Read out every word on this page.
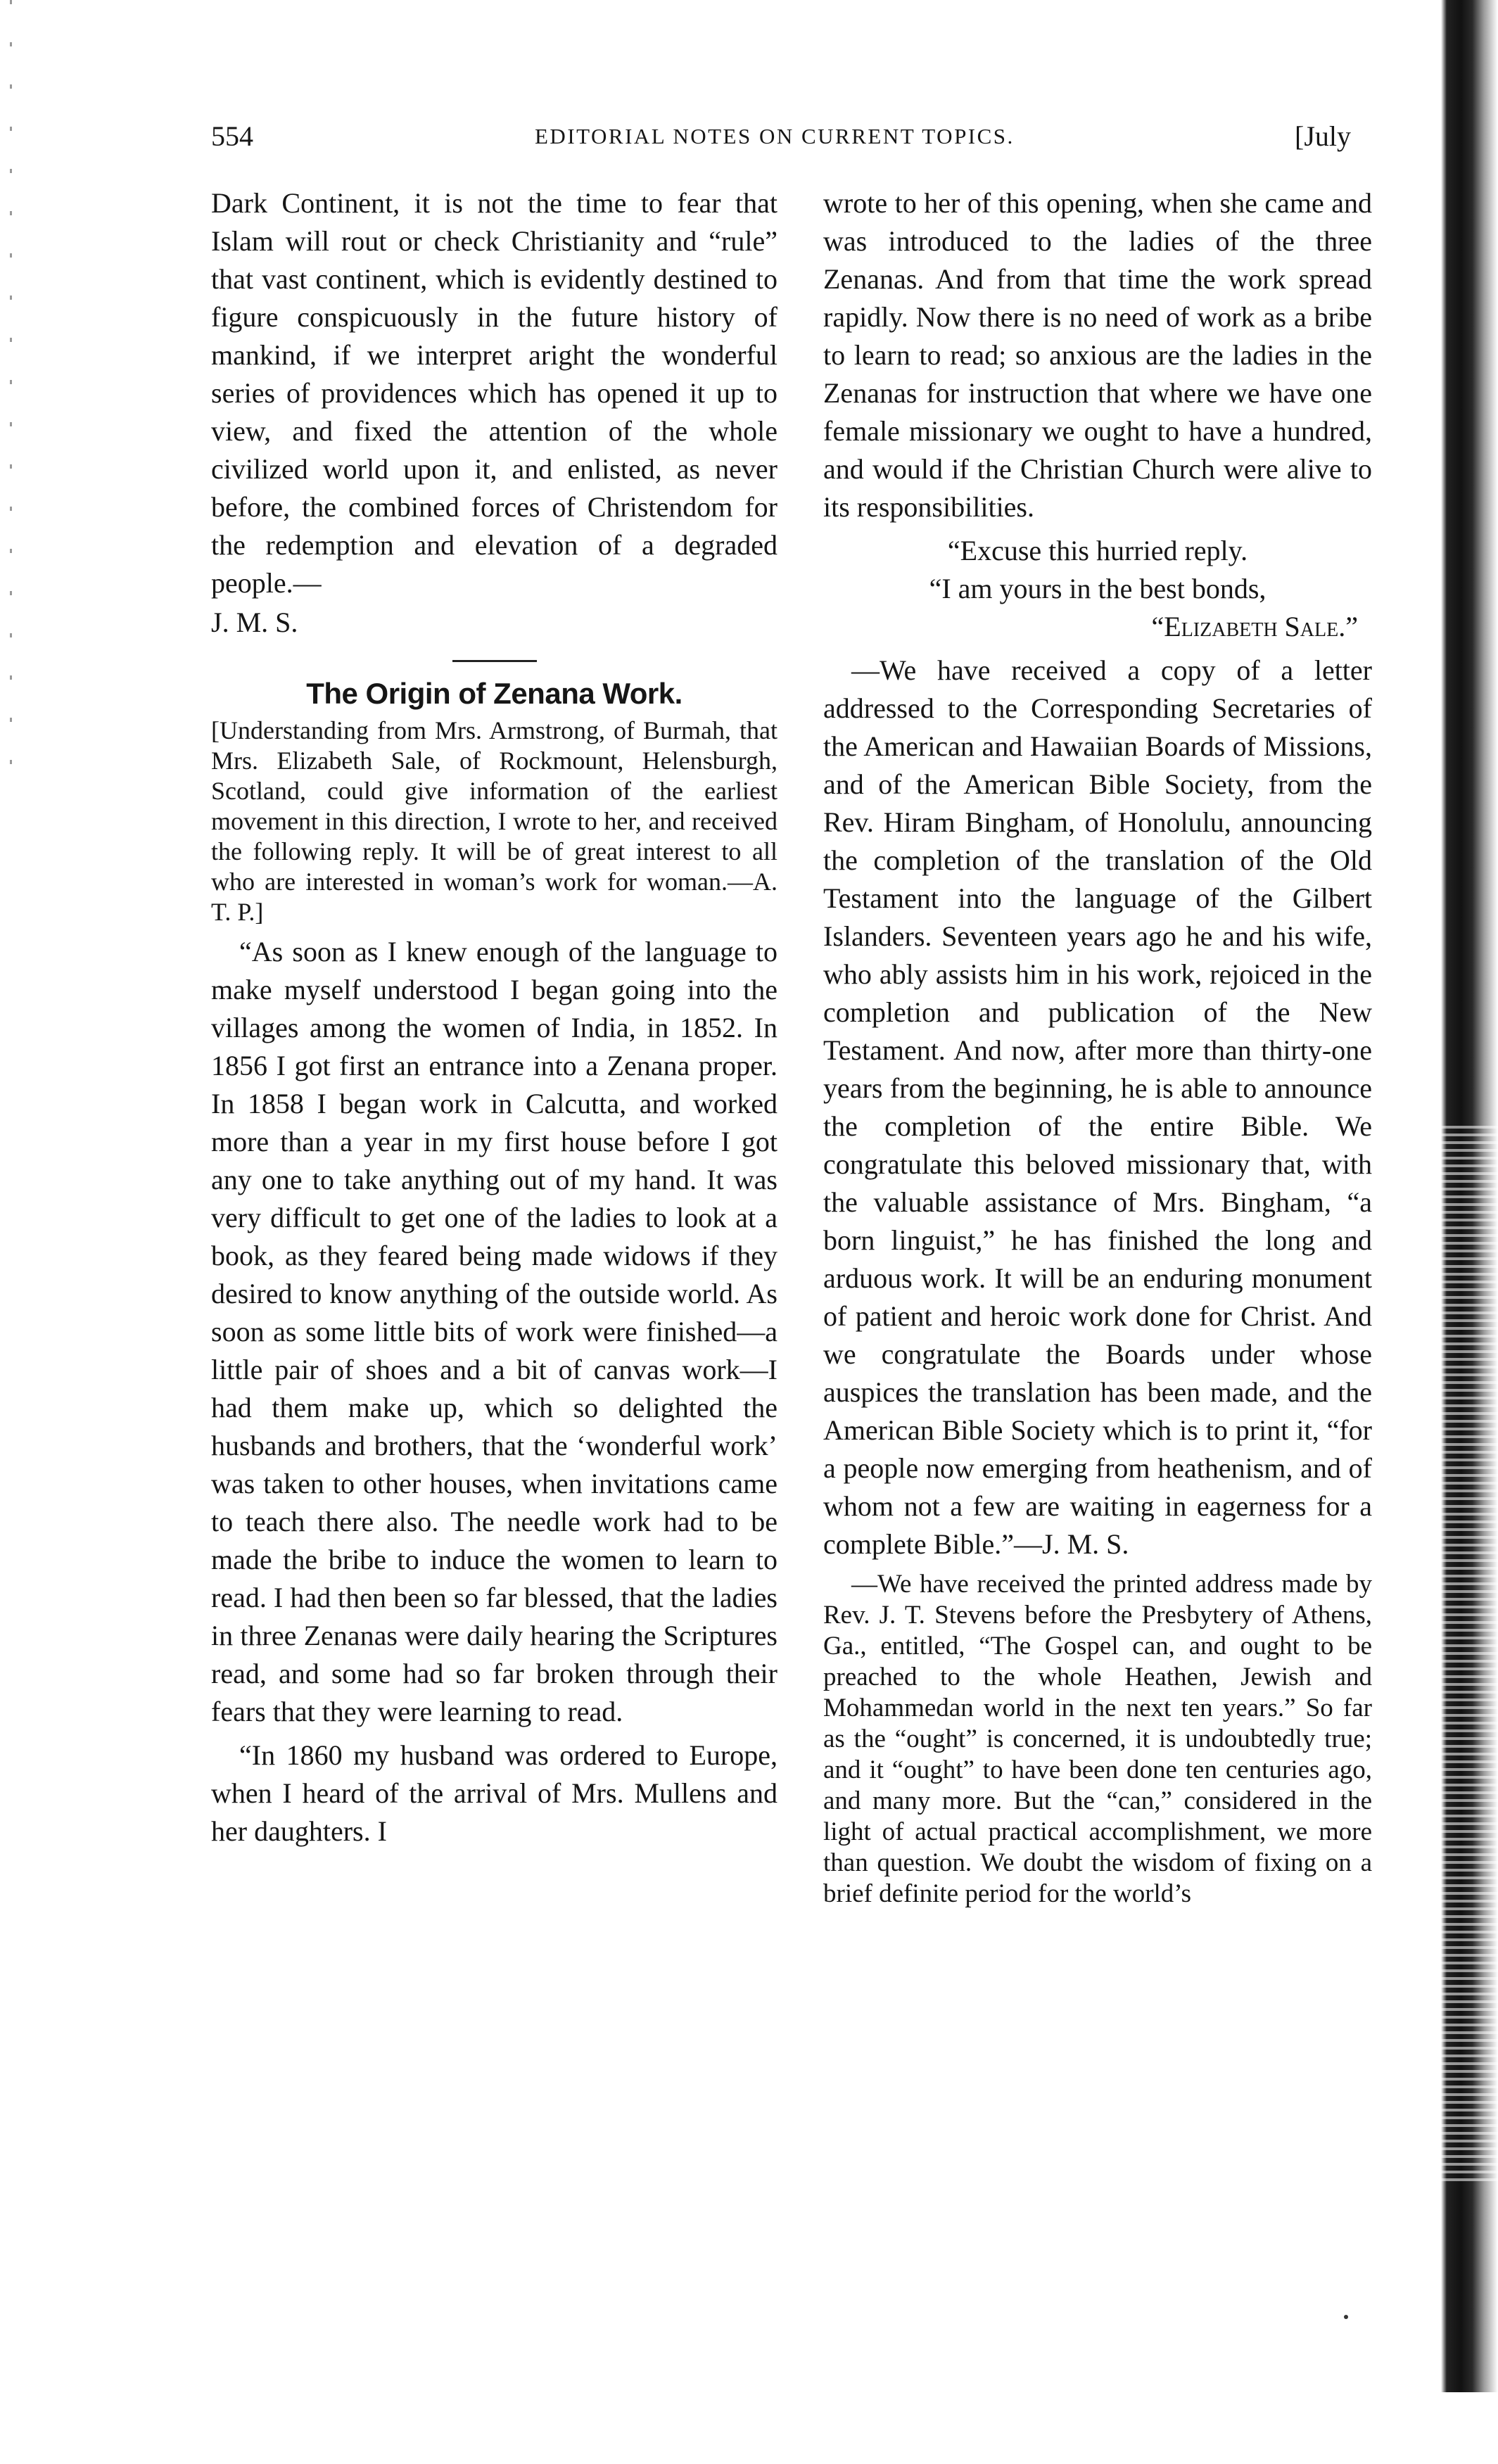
554	EDITORIAL NOTES ON CURRENT TOPICS.	[July

Dark Continent, it is not the time to fear that Islam will rout or check Christianity and “rule” that vast continent, which is evidently destined to figure conspicuously in the future history of mankind, if we interpret aright the wonderful series of providences which has opened it up to view, and fixed the attention of the whole civilized world upon it, and enlisted, as never before, the combined forces of Christendom for the redemption and elevation of a degraded people.—

J. M. S.
The Origin of Zenana Work.

[Understanding from Mrs. Armstrong, of Burmah, that Mrs. Elizabeth Sale, of Rockmount, Helensburgh, Scotland, could give information of the earliest movement in this direction, I wrote to her, and received the following reply. It will be of great interest to all who are interested in woman’s work for woman.—A. T. P.]

“As soon as I knew enough of the language to make myself understood I began going into the villages among the women of India, in 1852. In 1856 I got first an entrance into a Zenana proper. In 1858 I began work in Calcutta, and worked more than a year in my first house before I got any one to take anything out of my hand. It was very difficult to get one of the ladies to look at a book, as they feared being made widows if they desired to know anything of the outside world. As soon as some little bits of work were finished—a little pair of shoes and a bit of canvas work—I had them make up, which so delighted the husbands and brothers, that the ‘wonderful work’ was taken to other houses, when invitations came to teach there also. The needle work had to be made the bribe to induce the women to learn to read. I had then been so far blessed, that the ladies in three Zenanas were daily hearing the Scriptures read, and some had so far broken through their fears that they were learning to read.

“In 1860 my husband was ordered to Europe, when I heard of the arrival of Mrs. Mullens and her daughters. I

wrote to her of this opening, when she came and was introduced to the ladies of the three Zenanas. And from that time the work spread rapidly. Now there is no need of work as a bribe to learn to read; so anxious are the ladies in the Zenanas for instruction that where we have one female missionary we ought to have a hundred, and would if the Christian Church were alive to its responsibilities.

“Excuse this hurried reply.

“I am yours in the best bonds,

“Elizabeth Sale.”

—We have received a copy of a letter addressed to the Corresponding Secretaries of the American and Hawaiian Boards of Missions, and of the American Bible Society, from the Rev. Hiram Bingham, of Honolulu, announcing the completion of the translation of the Old Testament into the language of the Gilbert Islanders. Seventeen years ago he and his wife, who ably assists him in his work, rejoiced in the completion and publication of the New Testament. And now, after more than thirty-one years from the beginning, he is able to announce the completion of the entire Bible. We congratulate this beloved missionary that, with the valuable assistance of Mrs. Bingham, “a born linguist,” he has finished the long and arduous work. It will be an enduring monument of patient and heroic work done for Christ. And we congratulate the Boards under whose auspices the translation has been made, and the American Bible Society which is to print it, “for a people now emerging from heathenism, and of whom not a few are waiting in eagerness for a complete Bible.”—J. M. S.

—We have received the printed address made by Rev. J. T. Stevens before the Presbytery of Athens, Ga., entitled, “The Gospel can, and ought to be preached to the whole Heathen, Jewish and Mohammedan world in the next ten years.” So far as the “ought” is concerned, it is undoubtedly true; and it “ought” to have been done ten centuries ago, and many more. But the “can,” considered in the light of actual practical accomplishment, we more than question. We doubt the wisdom of fixing on a brief definite period for the world’s
